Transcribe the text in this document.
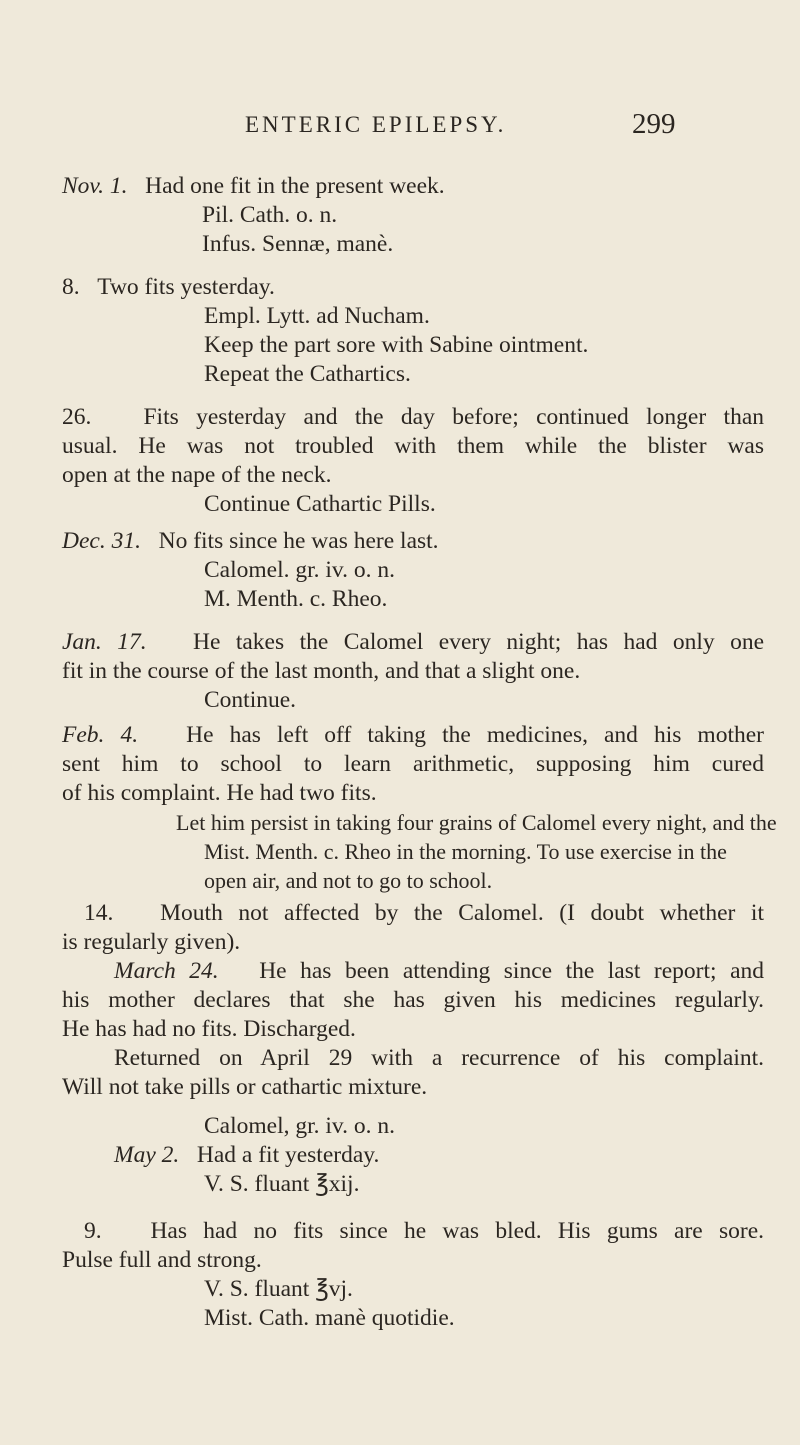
ENTERIC EPILEPSY.	299
Nov. 1. Had one fit in the present week.
Pil. Cath. o. n.
Infus. Sennæ, manè.
8. Two fits yesterday.
Empl. Lytt. ad Nucham.
Keep the part sore with Sabine ointment.
Repeat the Cathartics.
26. Fits yesterday and the day before; continued longer than
usual. He was not troubled with them while the blister was
open at the nape of the neck.
Continue Cathartic Pills.
Dec. 31. No fits since he was here last.
Calomel. gr. iv. o. n.
M. Menth. c. Rheo.
Jan. 17. He takes the Calomel every night; has had only one
fit in the course of the last month, and that a slight one.
Continue.
Feb. 4. He has left off taking the medicines, and his mother
sent him to school to learn arithmetic, supposing him cured
of his complaint. He had two fits.
Let him persist in taking four grains of Calomel every night, and the
Mist. Menth. c. Rheo in the morning. To use exercise in the
open air, and not to go to school.
14. Mouth not affected by the Calomel. (I doubt whether it
is regularly given).
March 24. He has been attending since the last report; and
his mother declares that she has given his medicines regularly.
He has had no fits. Discharged.
Returned on April 29 with a recurrence of his complaint.
Will not take pills or cathartic mixture.
Calomel, gr. iv. o. n.
May 2. Had a fit yesterday.
V. S. fluant ℥xij.
9. Has had no fits since he was bled. His gums are sore.
Pulse full and strong.
V. S. fluant ℥vj.
Mist. Cath. manè quotidie.
